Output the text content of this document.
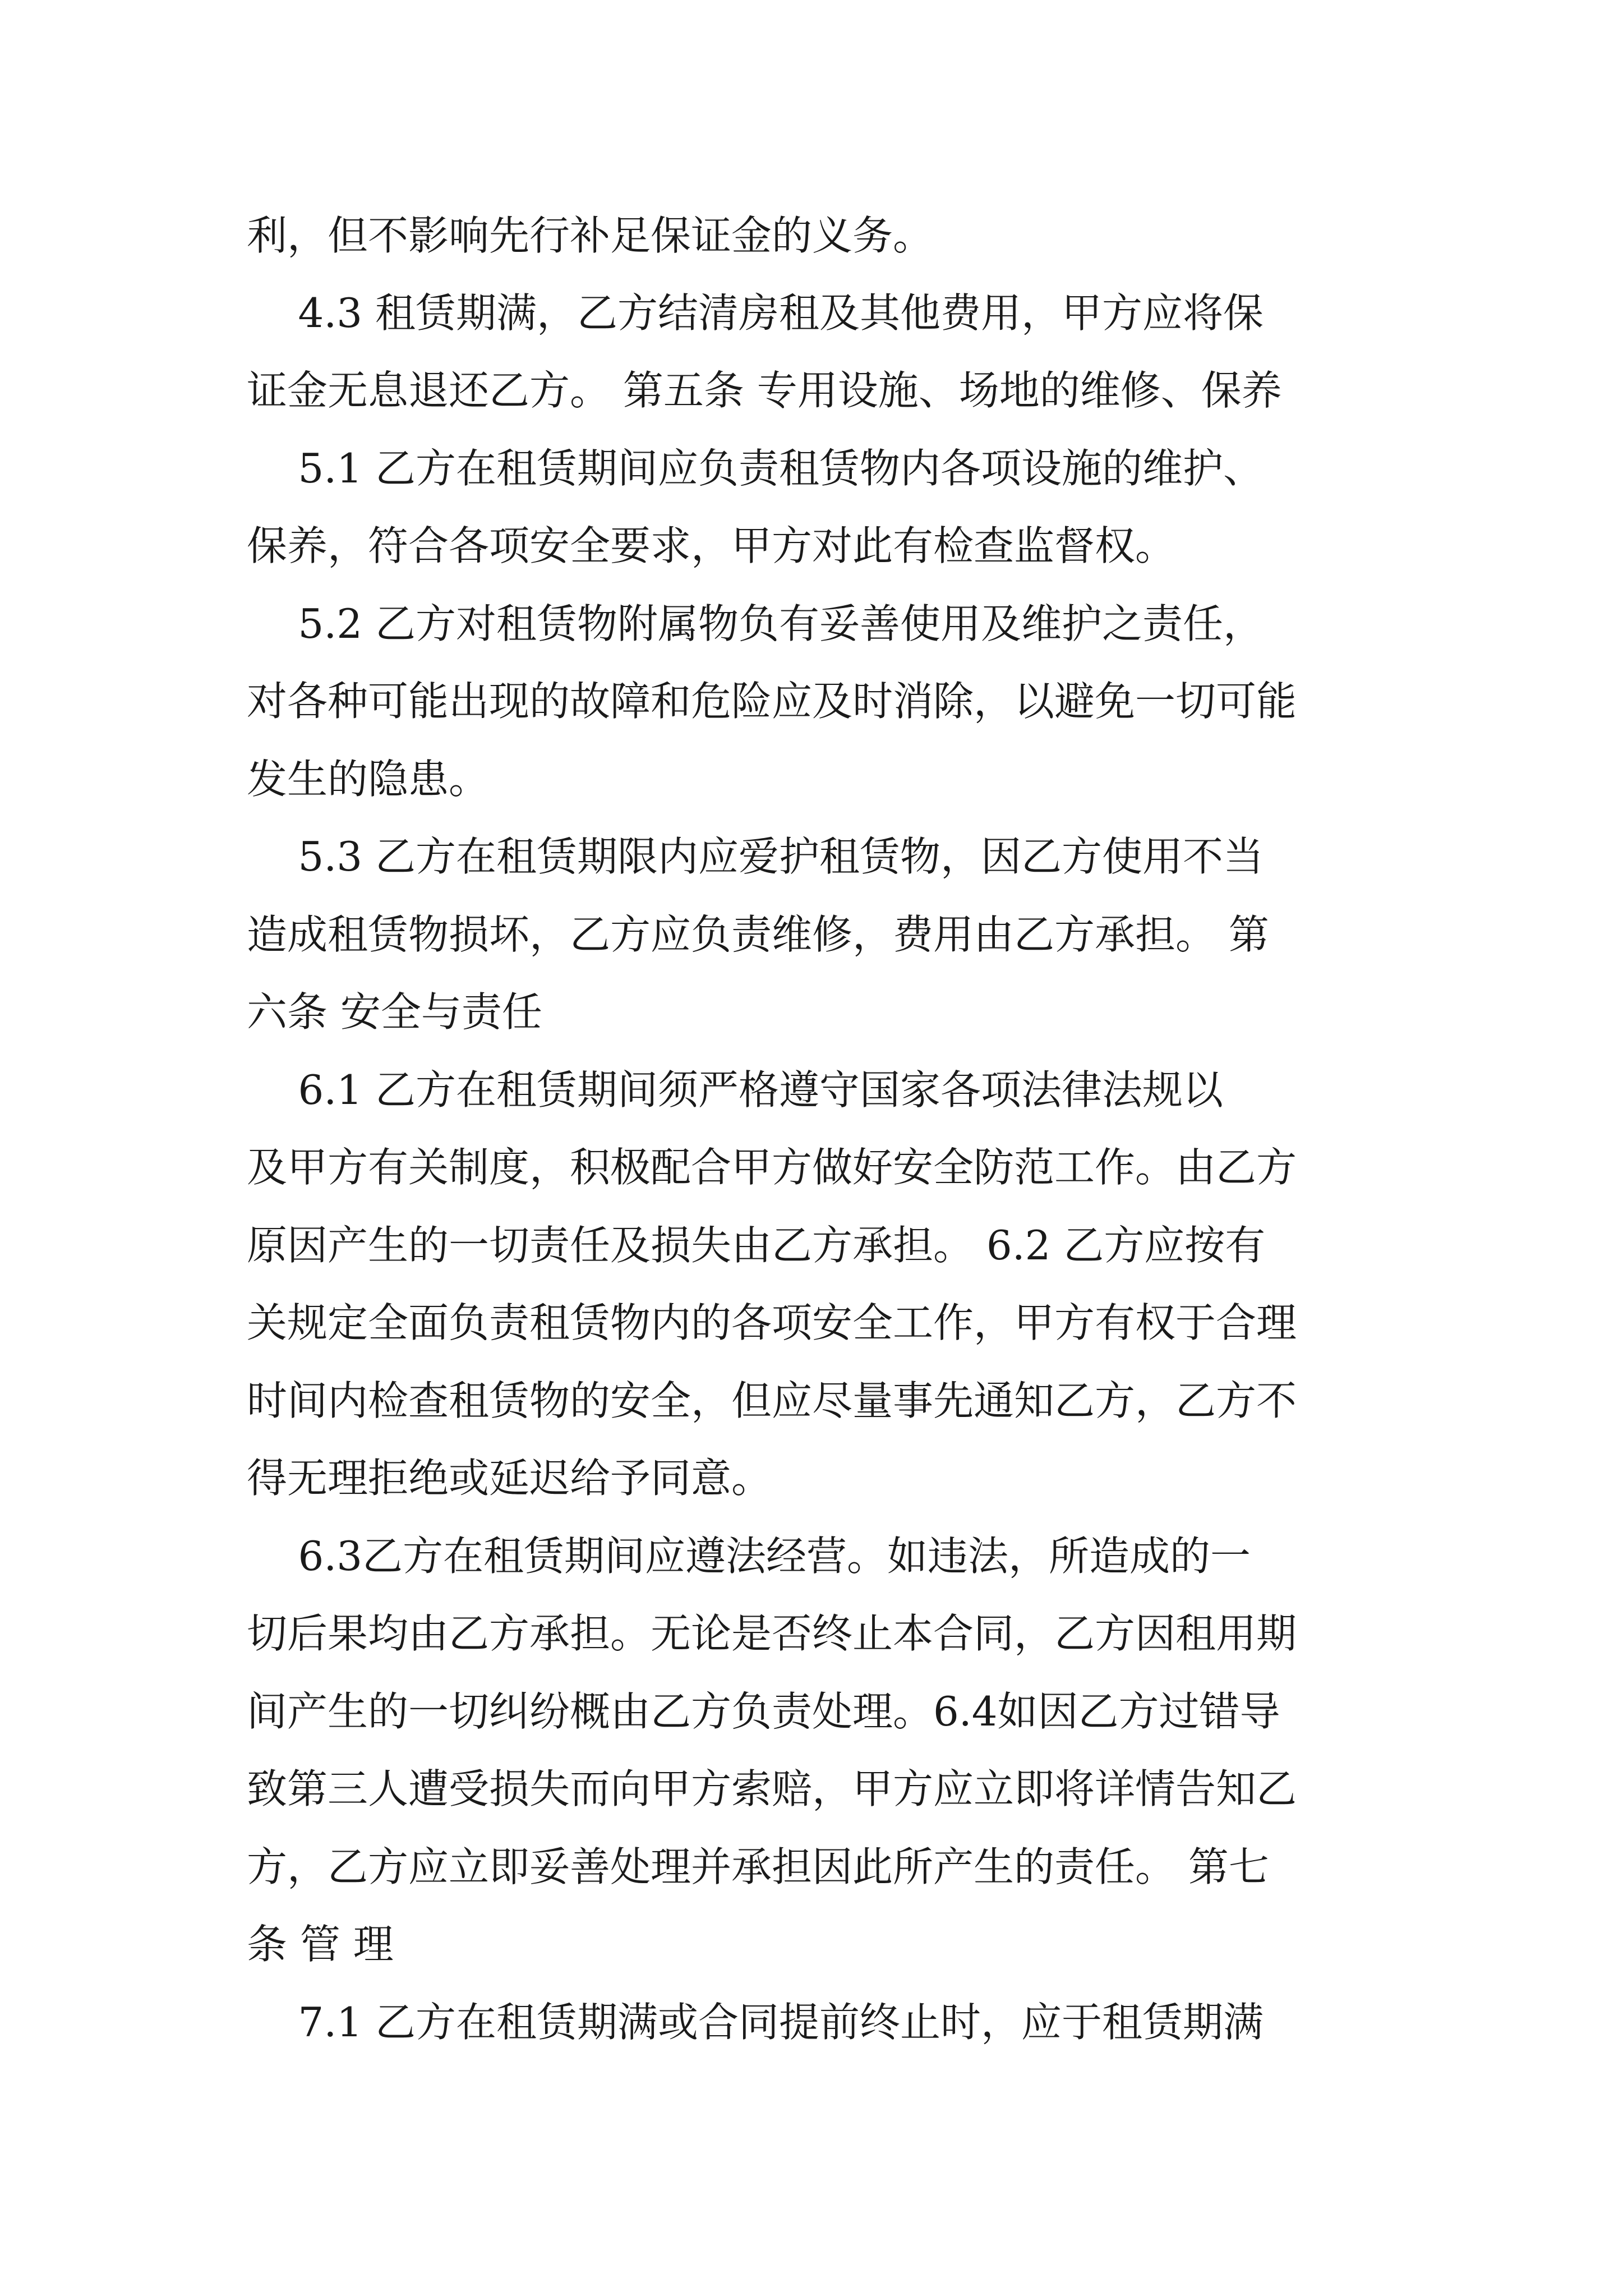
利，但不影响先行补足保证金的义务。
4.3 租赁期满，乙方结清房租及其他费用，甲方应将保
证金无息退还乙方。 第五条 专用设施、场地的维修、保养
5.1 乙方在租赁期间应负责租赁物内各项设施的维护、
保养，符合各项安全要求，甲方对此有检查监督权。
5.2 乙方对租赁物附属物负有妥善使用及维护之责任，
对各种可能出现的故障和危险应及时消除，以避免一切可能
发生的隐患。
5.3 乙方在租赁期限内应爱护租赁物，因乙方使用不当
造成租赁物损坏，乙方应负责维修，费用由乙方承担。 第
六条 安全与责任
6.1 乙方在租赁期间须严格遵守国家各项法律法规以
及甲方有关制度，积极配合甲方做好安全防范工作。由乙方
原因产生的一切责任及损失由乙方承担。 6.2 乙方应按有
关规定全面负责租赁物内的各项安全工作，甲方有权于合理
时间内检查租赁物的安全，但应尽量事先通知乙方，乙方不
得无理拒绝或延迟给予同意。
6.3乙方在租赁期间应遵法经营。如违法，所造成的一
切后果均由乙方承担。无论是否终止本合同，乙方因租用期
间产生的一切纠纷概由乙方负责处理。6.4如因乙方过错导
致第三人遭受损失而向甲方索赔，甲方应立即将详情告知乙
方，乙方应立即妥善处理并承担因此所产生的责任。 第七
条 管 理
7.1 乙方在租赁期满或合同提前终止时，应于租赁期满
